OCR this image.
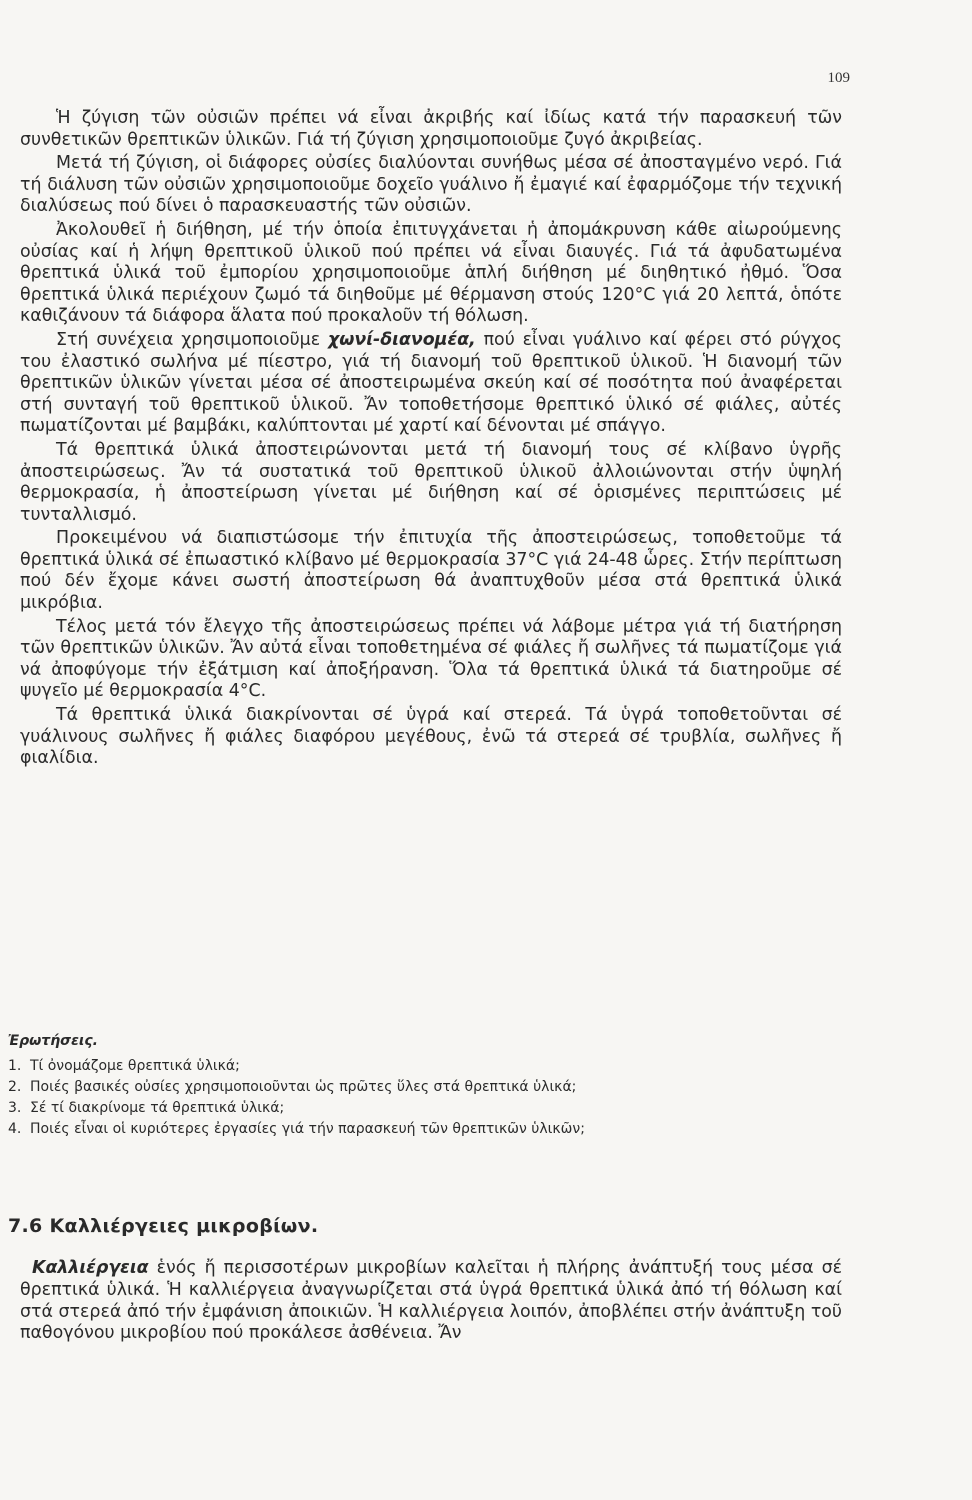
109

Ἡ ζύγιση τῶν οὐσιῶν πρέπει νά εἶναι ἀκριβής καί ἰδίως κατά τήν παρασκευή τῶν συνθετικῶν θρεπτικῶν ὑλικῶν. Γιά τή ζύγιση χρησιμοποιοῦμε ζυγό ἀκριβείας.

Μετά τή ζύγιση, οἱ διάφορες οὐσίες διαλύονται συνήθως μέσα σέ ἀποσταγμένο νερό. Γιά τή διάλυση τῶν οὐσιῶν χρησιμοποιοῦμε δοχεῖο γυάλινο ἤ ἐμαγιέ καί ἐφαρμόζομε τήν τεχνική διαλύσεως πού δίνει ὁ παρασκευαστής τῶν οὐσιῶν.

Ἀκολουθεῖ ἡ διήθηση, μέ τήν ὁποία ἐπιτυγχάνεται ἡ ἀπομάκρυνση κάθε αἰωρούμενης οὐσίας καί ἡ λήψη θρεπτικοῦ ὑλικοῦ πού πρέπει νά εἶναι διαυγές. Γιά τά ἀφυδατωμένα θρεπτικά ὑλικά τοῦ ἐμπορίου χρησιμοποιοῦμε ἁπλή διήθηση μέ διηθητικό ἠθμό. Ὅσα θρεπτικά ὑλικά περιέχουν ζωμό τά διηθοῦμε μέ θέρμανση στούς 120°C γιά 20 λεπτά, ὁπότε καθιζάνουν τά διάφορα ἅλατα πού προκαλοῦν τή θόλωση.

Στή συνέχεια χρησιμοποιοῦμε χωνί-διανομέα, πού εἶναι γυάλινο καί φέρει στό ρύγχος του ἐλαστικό σωλήνα μέ πίεστρο, γιά τή διανομή τοῦ θρεπτικοῦ ὑλικοῦ. Ἡ διανομή τῶν θρεπτικῶν ὑλικῶν γίνεται μέσα σέ ἀποστειρωμένα σκεύη καί σέ ποσότητα πού ἀναφέρεται στή συνταγή τοῦ θρεπτικοῦ ὑλικοῦ. Ἄν τοποθετήσομε θρεπτικό ὑλικό σέ φιάλες, αὐτές πωματίζονται μέ βαμβάκι, καλύπτονται μέ χαρτί καί δένονται μέ σπάγγο.

Τά θρεπτικά ὑλικά ἀποστειρώνονται μετά τή διανομή τους σέ κλίβανο ὑγρῆς ἀποστειρώσεως. Ἄν τά συστατικά τοῦ θρεπτικοῦ ὑλικοῦ ἀλλοιώνονται στήν ὑψηλή θερμοκρασία, ἡ ἀποστείρωση γίνεται μέ διήθηση καί σέ ὁρισμένες περιπτώσεις μέ τυνταλλισμό.

Προκειμένου νά διαπιστώσομε τήν ἐπιτυχία τῆς ἀποστειρώσεως, τοποθετοῦμε τά θρεπτικά ὑλικά σέ ἐπωαστικό κλίβανο μέ θερμοκρασία 37°C γιά 24-48 ὧρες. Στήν περίπτωση πού δέν ἔχομε κάνει σωστή ἀποστείρωση θά ἀναπτυχθοῦν μέσα στά θρεπτικά ὑλικά μικρόβια.

Τέλος μετά τόν ἔλεγχο τῆς ἀποστειρώσεως πρέπει νά λάβομε μέτρα γιά τή διατήρηση τῶν θρεπτικῶν ὑλικῶν. Ἄν αὐτά εἶναι τοποθετημένα σέ φιάλες ἤ σωλῆνες τά πωματίζομε γιά νά ἀποφύγομε τήν ἐξάτμιση καί ἀποξήρανση. Ὅλα τά θρεπτικά ὑλικά τά διατηροῦμε σέ ψυγεῖο μέ θερμοκρασία 4°C.

Τά θρεπτικά ὑλικά διακρίνονται σέ ὑγρά καί στερεά. Τά ὑγρά τοποθετοῦνται σέ γυάλινους σωλῆνες ἤ φιάλες διαφόρου μεγέθους, ἐνῶ τά στερεά σέ τρυβλία, σωλῆνες ἤ φιαλίδια.

Ἐρωτήσεις.
1. Τί ὀνομάζομε θρεπτικά ὑλικά;
2. Ποιές βασικές οὐσίες χρησιμοποιοῦνται ὡς πρῶτες ὕλες στά θρεπτικά ὑλικά;
3. Σέ τί διακρίνομε τά θρεπτικά ὑλικά;
4. Ποιές εἶναι οἱ κυριότερες ἐργασίες γιά τήν παρασκευή τῶν θρεπτικῶν ὑλικῶν;
7.6 Καλλιέργειες μικροβίων.

Καλλιέργεια ἑνός ἤ περισσοτέρων μικροβίων καλεῖται ἡ πλήρης ἀνάπτυξή τους μέσα σέ θρεπτικά ὑλικά. Ἡ καλλιέργεια ἀναγνωρίζεται στά ὑγρά θρεπτικά ὑλικά ἀπό τή θόλωση καί στά στερεά ἀπό τήν ἐμφάνιση ἀποικιῶν. Ἡ καλλιέργεια λοιπόν, ἀποβλέπει στήν ἀνάπτυξη τοῦ παθογόνου μικροβίου πού προκάλεσε ἀσθένεια. Ἄν
